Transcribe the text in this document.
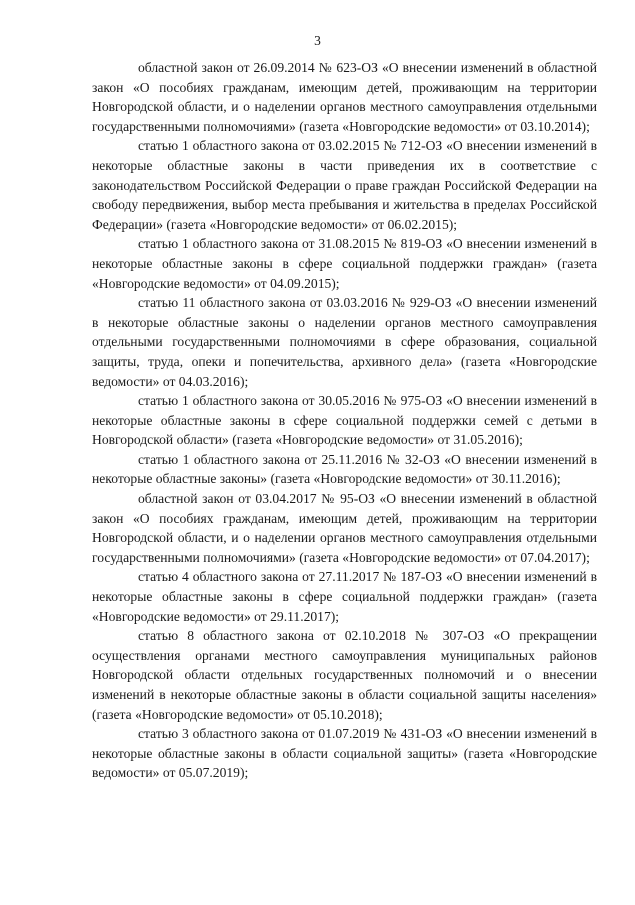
3

областной закон от 26.09.2014 № 623-ОЗ «О внесении изменений в областной закон «О пособиях гражданам, имеющим детей, проживающим на территории Новгородской области, и о наделении органов местного самоуправления отдельными государственными полномочиями» (газета «Новгородские ведомости» от 03.10.2014);

статью 1 областного закона от 03.02.2015 № 712-ОЗ «О внесении изменений в некоторые областные законы в части приведения их в соответствие с законодательством Российской Федерации о праве граждан Российской Федерации на свободу передвижения, выбор места пребывания и жительства в пределах Российской Федерации» (газета «Новгородские ведомости» от 06.02.2015);

статью 1 областного закона от 31.08.2015 № 819-ОЗ «О внесении изменений в некоторые областные законы в сфере социальной поддержки граждан» (газета «Новгородские ведомости» от 04.09.2015);

статью 11 областного закона от 03.03.2016 № 929-ОЗ «О внесении изменений в некоторые областные законы о наделении органов местного самоуправления отдельными государственными полномочиями в сфере образования, социальной защиты, труда, опеки и попечительства, архивного дела» (газета «Новгородские ведомости» от 04.03.2016);

статью 1 областного закона от 30.05.2016 № 975-ОЗ «О внесении изменений в некоторые областные законы в сфере социальной поддержки семей с детьми в Новгородской области» (газета «Новгородские ведомости» от 31.05.2016);

статью 1 областного закона от 25.11.2016 № 32-ОЗ «О внесении изменений в некоторые областные законы» (газета «Новгородские ведомости» от 30.11.2016);

областной закон от 03.04.2017 № 95-ОЗ «О внесении изменений в областной закон «О пособиях гражданам, имеющим детей, проживающим на территории Новгородской области, и о наделении органов местного самоуправления отдельными государственными полномочиями» (газета «Новгородские ведомости» от 07.04.2017);

статью 4 областного закона от 27.11.2017 № 187-ОЗ «О внесении изменений в некоторые областные законы в сфере социальной поддержки граждан» (газета «Новгородские ведомости» от 29.11.2017);

статью 8 областного закона от 02.10.2018 № 307-ОЗ «О прекращении осуществления органами местного самоуправления муниципальных районов Новгородской области отдельных государственных полномочий и о внесении изменений в некоторые областные законы в области социальной защиты населения» (газета «Новгородские ведомости» от 05.10.2018);

статью 3 областного закона от 01.07.2019 № 431-ОЗ «О внесении изменений в некоторые областные законы в области социальной защиты» (газета «Новгородские ведомости» от 05.07.2019);
